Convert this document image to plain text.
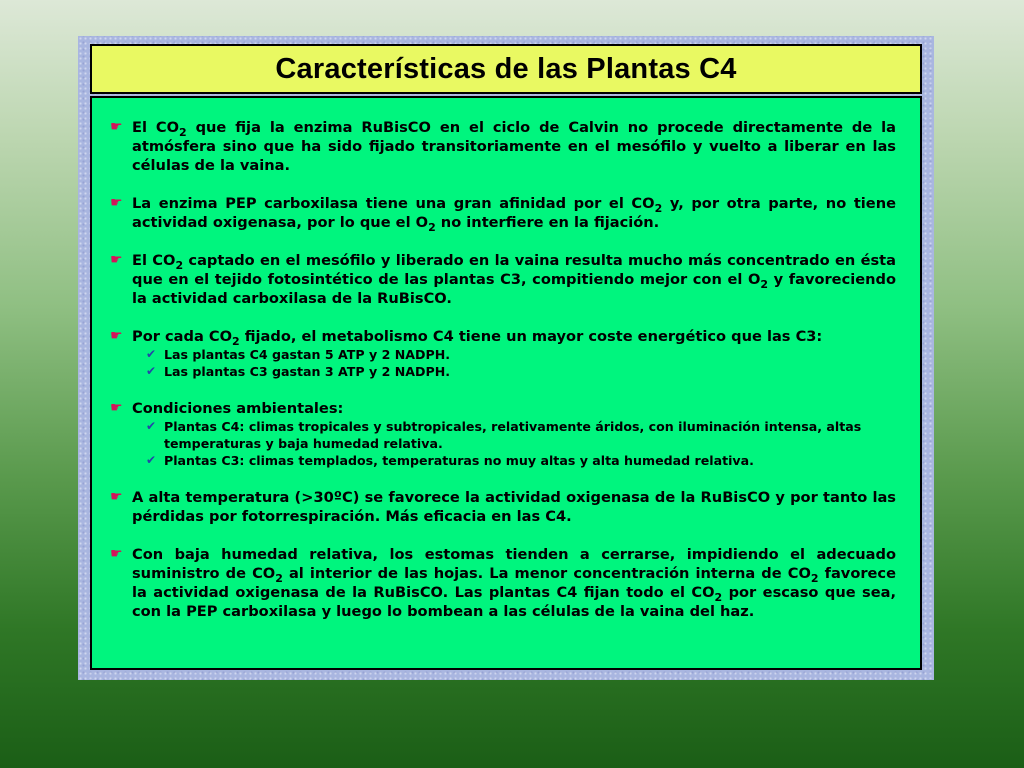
Características de las Plantas C4
☛ El $CO_2$ que fija la enzima RuBisCO en el ciclo de Calvin no procede directamente de la atmósfera sino que ha sido fijado transitoriamente en el mesófilo y vuelto a liberar en las células de la vaina.
☛ La enzima PEP carboxilasa tiene una gran afinidad por el $CO_2$ y, por otra parte, no tiene actividad oxigenasa, por lo que el $O_2$ no interfiere en la fijación.
☛ El $CO_2$ captado en el mesófilo y liberado en la vaina resulta mucho más concentrado en ésta que en el tejido fotosintético de las plantas C3, compitiendo mejor con el $O_2$ y favoreciendo la actividad carboxilasa de la RuBisCO.
☛ Por cada $CO_2$ fijado, el metabolismo C4 tiene un mayor coste energético que las C3:
✔ Las plantas C4 gastan 5 ATP y 2 NADPH.
✔ Las plantas C3 gastan 3 ATP y 2 NADPH.
☛ Condiciones ambientales:
✔ Plantas C4: climas tropicales y subtropicales, relativamente áridos, con iluminación intensa, altas temperaturas y baja humedad relativa.
✔ Plantas C3: climas templados, temperaturas no muy altas y alta humedad relativa.
☛ A alta temperatura (>30ºC) se favorece la actividad oxigenasa de la RuBisCO y por tanto las pérdidas por fotorrespiración. Más eficacia en las C4.
☛ Con baja humedad relativa, los estomas tienden a cerrarse, impidiendo el adecuado suministro de $CO_2$ al interior de las hojas. La menor concentración interna de $CO_2$ favorece la actividad oxigenasa de la RuBisCO. Las plantas C4 fijan todo el $CO_2$ por escaso que sea, con la PEP carboxilasa y luego lo bombean a las células de la vaina del haz.
